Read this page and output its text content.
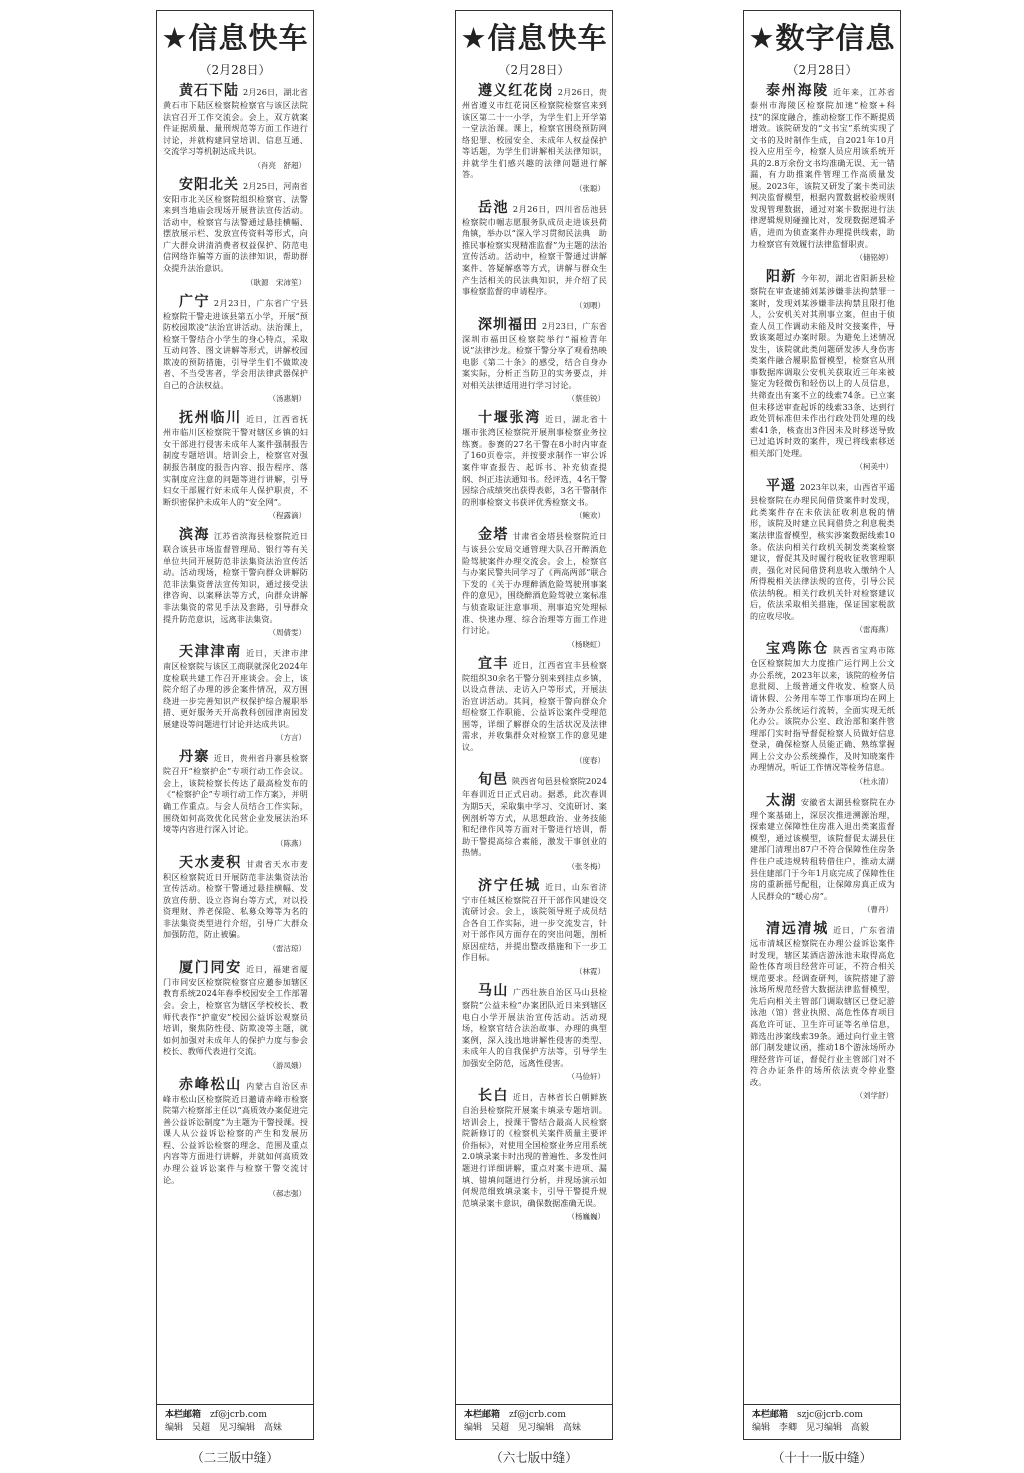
★信息快车
（2月28日）
黄石下陆 2月26日，湖北省黄石市下陆区检察院检察官与该区法院法官召开工作交流会。会上，双方就案件证据质量、量刑规范等方面工作进行讨论，并就构建同堂培训、信息互通、交流学习等机制达成共识。
（肖亮　舒超）
安阳北关 2月25日，河南省安阳市北关区检察院组织检察官、法警来到当地庙会现场开展普法宣传活动。活动中，检察官与法警通过悬挂横幅、摆放展示栏、发放宣传资料等形式，向广大群众讲清消费者权益保护、防范电信网络诈骗等方面的法律知识，帮助群众提升法治意识。
（耿源　宋沛笙）
广宁 2月23日，广东省广宁县检察院干警走进该县第五小学，开展“预防校园欺凌”法治宣讲活动。法治课上，检察干警结合小学生的身心特点，采取互动问答、图文讲解等形式，讲解校园欺凌的预防措施，引导学生们不做欺凌者、不当受害者，学会用法律武器保护自己的合法权益。
（汤惠娟）
抚州临川 近日，江西省抚州市临川区检察院干警对辖区乡镇的妇女干部进行侵害未成年人案件强制报告制度专题培训。培训会上，检察官对强制报告制度的报告内容、报告程序、落实制度应注意的问题等进行讲解，引导妇女干部履行好未成年人保护职责，不断织密保护未成年人的“安全网”。
（程露滴）
滨海 江苏省滨海县检察院近日联合该县市场监督管理局、银行等有关单位共同开展防范非法集资法治宣传活动。活动现场，检察干警向群众讲解防范非法集资普法宣传知识，通过接受法律咨询、以案释法等方式，向群众讲解非法集资的常见手法及套路，引导群众提升防范意识，远离非法集资。
（周倩雯）
天津津南 近日，天津市津南区检察院与该区工商联就深化2024年度检联共建工作召开座谈会。会上，该院介绍了办理的涉企案件情况，双方围绕进一步完善知识产权保护综合履职举措、更好服务天开高教科创园津南园发展建设等问题进行讨论并达成共识。
（方言）
丹寨 近日，贵州省丹寨县检察院召开“检察护企”专项行动工作会议。会上，该院检察长传达了最高检发布的《“检察护企”专项行动工作方案》，并明确工作重点。与会人员结合工作实际，围绕如何高效优化民营企业发展法治环境等内容进行深入讨论。
（陈燕）
天水麦积 甘肃省天水市麦积区检察院近日开展防范非法集资法治宣传活动。检察干警通过悬挂横幅、发放宣传册、设立咨询台等方式，对以投资理财、养老保险、私募众筹等为名的非法集资类型进行介绍，引导广大群众加强防范，防止被骗。
（雷沽琼）
厦门同安 近日，福建省厦门市同安区检察院检察官应邀参加辖区教育系统2024年春季校园安全工作部署会。会上，检察官为辖区学校校长、教师代表作“护童安”校园公益诉讼观察员培训，聚焦防性侵、防欺凌等主题，就如何加强对未成年人的保护力度与参会校长、教师代表进行交流。
（游凤娥）
赤峰松山 内蒙古自治区赤峰市松山区检察院近日邀请赤峰市检察院第六检察部主任以“高质效办案促进完善公益诉讼制度”为主题为干警授课。授课人从公益诉讼检察的产生和发展历程、公益诉讼检察的理念、范围及重点内容等方面进行讲解，并就如何高质效办理公益诉讼案件与检察干警交流讨论。
（郝志强）
本栏邮箱　 zf@jcrb.com
编辑　吴超　见习编辑　高妹
★信息快车
（2月28日）
遵义红花岗 2月26日，贵州省遵义市红花岗区检察院检察官来到该区第二十一小学，为学生们上开学第一堂法治课。课上，检察官围绕预防网络犯罪、校园安全、未成年人权益保护等话题，为学生们讲解相关法律知识，并就学生们感兴趣的法律问题进行解答。
（张聪）
岳池 2月26日，四川省岳池县检察院巾帼志愿服务队成员走进该县荷角镇，举办以“深入学习贯彻民法典　助推民事检察实现精准监督”为主题的法治宣传活动。活动中，检察干警通过讲解案件、答疑解惑等方式，讲解与群众生产生活相关的民法典知识，并介绍了民事检察监督的申请程序。
（刘喂）
深圳福田 2月23日，广东省深圳市福田区检察院举行“福检青年说”法律沙龙。检察干警分享了观看热映电影《第二十条》的感受，结合自身办案实际，分析正当防卫的实务要点，并对相关法律适用进行学习讨论。
（蔡佳锐）
十堰张湾 近日，湖北省十堰市张湾区检察院开展刑事检察业务拉练赛。参赛的27名干警在8小时内审查了160页卷宗，并按要求制作一审公诉案件审查报告、起诉书、补充侦查提纲、纠正违法通知书。经评选，4名干警因综合成绩突出获得表彰，3名干警制作的刑事检察文书获评优秀检察文书。
（鲍欢）
金塔 甘肃省金塔县检察院近日与该县公安局交通管理大队召开醉酒危险驾驶案件办理交流会。会上，检察官与办案民警共同学习了《两高两部“联合下发的《关于办理醉酒危险驾驶刑事案件的意见》，围绕醉酒危险驾驶立案标准与侦查取证注意事项、刑事追究处理标准、快速办理、综合治理等方面工作进行讨论。
（杨晓虹）
宜丰 近日，江西省宜丰县检察院组织30余名干警分别来到挂点乡镇，以设点普法、走访入户等形式，开展法治宣讲活动。其间，检察干警向群众介绍检察工作职能、公益诉讼案件受理范围等，详细了解群众的生活状况及法律需求，并收集群众对检察工作的意见建议。
（度春）
旬邑 陕西省旬邑县检察院2024年春训近日正式启动。据悉，此次春训为期5天，采取集中学习、交流研讨、案例剖析等方式，从思想政治、业务技能和纪律作风等方面对干警进行培训，帮助干警提高综合素能，激发干事创业的热情。
（张冬梅）
济宁任城 近日，山东省济宁市任城区检察院召开干部作风建设交流研讨会。会上，该院领导班子成员结合各自工作实际，进一步交流发言，针对干部作风方面存在的突出问题，剖析原因症结，并提出整改措施和下一步工作目标。
（林霓）
马山 广西壮族自治区马山县检察院“公益未检”办案团队近日来到辖区电白小学开展法治宣传活动。活动现场，检察官结合法治故事、办理的典型案例，深入浅出地讲解性侵害的类型、未成年人的自我保护方法等，引导学生加强安全防范，远离性侵害。
（马俭轩）
长白 近日，吉林省长白朝鲜族自治县检察院开展案卡填录专题培训。培训会上，授课干警结合最高人民检察院新修订的《检察机关案件质量主要评价指标》，对使用全国检察业务应用系统2.0填录案卡时出现的普遍性、多发性问题进行详细讲解，重点对案卡进项、漏填、错填问题进行分析，并现场演示如何规范细致填录案卡，引导干警提升规范填录案卡意识，确保数据准确无误。
（杨巍巍）
本栏邮箱　 zf@jcrb.com
编辑　吴超　见习编辑　高妹
★数字信息
（2月28日）
泰州海陵 近年来，江苏省泰州市海陵区检察院加速“检察+科技”的深度融合，推动检察工作不断提质增效。该院研发的“文书宝”系统实现了文书的及时制作生成，自2021年10月投入应用至今，检察人员应用该系统开具的2.8万余份文书均准确无误、无一错漏，有力助推案件管理工作高质量发展。2023年，该院又研发了案卡类司法判决监督模型，根据内置数据校验规则发现管理数据，通过对案卡数据进行法律逻辑规则碰撞比对，发现数据逻辑矛盾，进而为侦查案件办理提供线索，助力检察官有效履行法律监督职责。
（储铭婷）
阳新 今年初，湖北省阳新县检察院在审查逮捕刘某涉嫌非法拘禁罪一案时，发现刘某涉嫌非法拘禁且限打他人，公安机关对其刑事立案，但由于侦查人员工作调动未能及时交接案件，导致该案超过办案时限。为避免上述情况发生，该院就此类问题研发涉人身伤害类案件融合履职监督模型，检察官从刑事数据库调取公安机关获取近三年来被鉴定为轻微伤和轻伤以上的人员信息，共筛查出有案不立的线索74条。已立案但未移送审查起诉的线索33条、达到行政处罚标准但未作出行政处罚处理的线索41条，核查出3件因未及时移送导致已过追诉时效的案件，现已将线索移送相关部门处理。
（柯美中）
平遥 2023年以来，山西省平遥县检察院在办理民间借贷案件时发现，此类案件存在未依法征收利息税的情形，该院及时建立民间借贷之利息税类案法律监督模型，核实涉案数据线索10条。依法向相关行政机关制发类案检察建议，督促其及时履行税收征收管理职责，强化对民间借贷利息收入缴纳个人所得税相关法律法规的宣传，引导公民依法纳税。相关行政机关针对检察建议后，依法采取相关措施，保证国家税款的应收尽收。
（雷海燕）
宝鸡陈仓 陕西省宝鸡市陈仓区检察院加大力度推广运行网上公文办公系统，2023年以来，该院的检务信息批阅、上级普通文件收发、检察人员请休假、公务用车等工作事项均在网上公务办公系统运行流转，全面实现无纸化办公。该院办公室、政治部和案件管理部门实时指导督促检察人员做好信息登录，确保检察人员能正确、熟练掌握网上公文办公系统操作，及时知晓案件办理情况，听证工作情况等检务信息。
（杜永清）
太湖 安徽省太湖县检察院在办理个案基础上，深层次推进溯源治理，探索建立保障性住房准入退出类案监督模型，通过该模型，该院督促太湖县住建部门清理出87户不符合保障性住房条件住户或违规转租转借住户，推动太湖县住建部门于今年1月底完成了保障性住房的重新摇号配租，让保障房真正成为人民群众的“暖心房”。
（曹丹）
清远清城 近日，广东省清远市清城区检察院在办理公益诉讼案件时发现，辖区某酒店游泳池未取得高危险性体育项目经营许可证，不符合相关规范要求。经调查研判，该院搭建了游泳场所规范经营大数据法律监督模型，先后向相关主管部门调取辖区已登记游泳池（馆）营业执照、高危性体育项目高危许可证、卫生许可证等名单信息，筛选出涉案线索39条。通过向行业主管部门制发建议函，推动18个游泳场所办理经营许可证，督促行业主管部门对不符合办证条件的场所依法责令停业整改。
（刘学舒）
本栏邮箱　 szjc@jcrb.com
编辑　李卿　见习编辑　高毅
（二三版中缝）	（六七版中缝）	（十十一版中缝）
